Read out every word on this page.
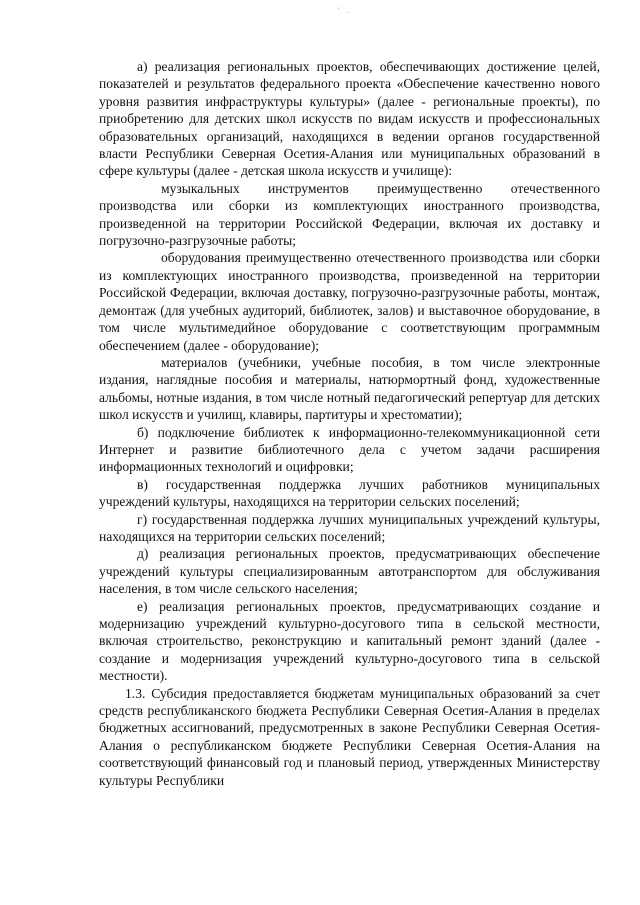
' .

а) реализация региональных проектов, обеспечивающих достижение целей, показателей и результатов федерального проекта «Обеспечение качественно нового уровня развития инфраструктуры культуры» (далее - региональные проекты), по приобретению для детских школ искусств по видам искусств и профессиональных образовательных организаций, находящихся в ведении органов государственной власти Республики Северная Осетия-Алания или муниципальных образований в сфере культуры (далее - детская школа искусств и училище):

музыкальных инструментов преимущественно отечественного производства или сборки из комплектующих иностранного производства, произведенной на территории Российской Федерации, включая их доставку и погрузочно-разгрузочные работы;

оборудования преимущественно отечественного производства или сборки из комплектующих иностранного производства, произведенной на территории Российской Федерации, включая доставку, погрузочно-разгрузочные работы, монтаж, демонтаж (для учебных аудиторий, библиотек, залов) и выставочное оборудование, в том числе мультимедийное оборудование с соответствующим программным обеспечением (далее - оборудование);

материалов (учебники, учебные пособия, в том числе электронные издания, наглядные пособия и материалы, натюрмортный фонд, художественные альбомы, нотные издания, в том числе нотный педагогический репертуар для детских школ искусств и училищ, клавиры, партитуры и хрестоматии);

б) подключение библиотек к информационно-телекоммуникационной сети Интернет и развитие библиотечного дела с учетом задачи расширения информационных технологий и оцифровки;

в) государственная поддержка лучших работников муниципальных учреждений культуры, находящихся на территории сельских поселений;

г) государственная поддержка лучших муниципальных учреждений культуры, находящихся на территории сельских поселений;

д) реализация региональных проектов, предусматривающих обеспечение учреждений культуры специализированным автотранспортом для обслуживания населения, в том числе сельского населения;

е) реализация региональных проектов, предусматривающих создание и модернизацию учреждений культурно-досугового типа в сельской местности, включая строительство, реконструкцию и капитальный ремонт зданий (далее - создание и модернизация учреждений культурно-досугового типа в сельской местности).

1.3. Субсидия предоставляется бюджетам муниципальных образований за счет средств республиканского бюджета Республики Северная Осетия-Алания в пределах бюджетных ассигнований, предусмотренных в законе Республики Северная Осетия-Алания о республиканском бюджете Республики Северная Осетия-Алания на соответствующий финансовый год и плановый период, утвержденных Министерству культуры Республики
